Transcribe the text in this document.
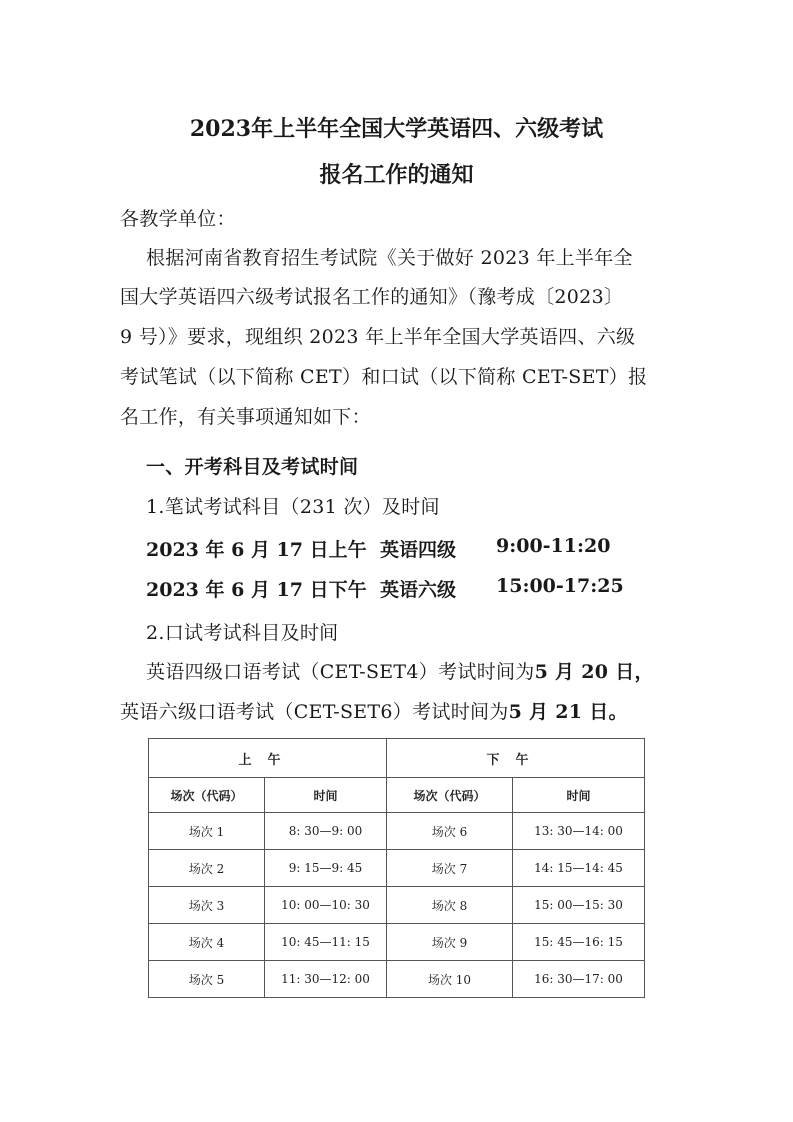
2023年上半年全国大学英语四、六级考试
报名工作的通知
各教学单位：
根据河南省教育招生考试院《关于做好 2023 年上半年全
国大学英语四六级考试报名工作的通知》（豫考成〔2023〕
9 号）》要求，现组织 2023 年上半年全国大学英语四、六级
考试笔试（以下简称 CET）和口试（以下简称 CET-SET）报
名工作，有关事项通知如下：
一、开考科目及考试时间
1.笔试考试科目（231 次）及时间
2023 年 6 月 17 日上午 英语四级 9:00-11:20
2023 年 6 月 17 日下午 英语六级 15:00-17:25
2.口试考试科目及时间
英语四级口语考试（CET-SET4）考试时间为5 月 20 日，
英语六级口语考试（CET-SET6）考试时间为5 月 21 日。
上午		下午	
场次（代码）	时间	场次（代码）	时间
场次 1	8: 30—9: 00	场次 6	13: 30—14: 00
场次 2	9: 15—9: 45	场次 7	14: 15—14: 45
场次 3	10: 00—10: 30	场次 8	15: 00—15: 30
场次 4	10: 45—11: 15	场次 9	15: 45—16: 15
场次 5	11: 30—12: 00	场次 10	16: 30—17: 00
